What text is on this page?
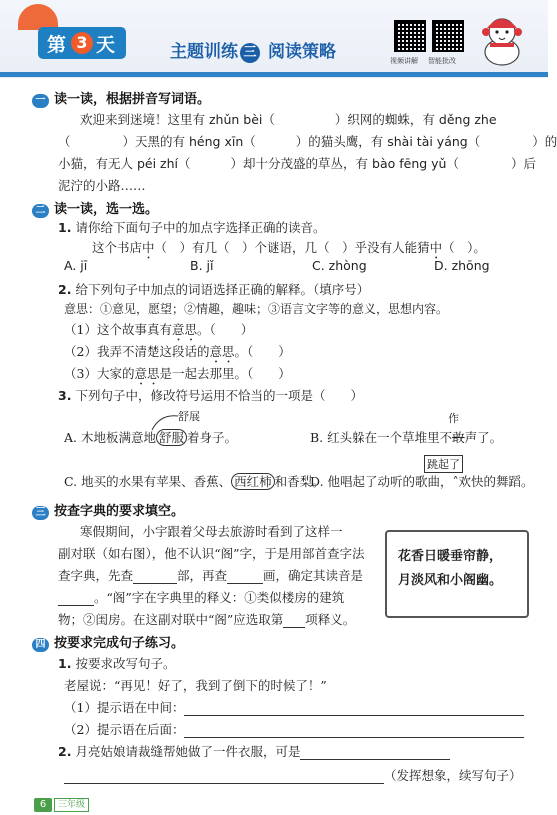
第 3 天	主题训练 三 阅读策略	视频讲解 智能批改
一 读一读，根据拼音写词语。
欢迎来到迷境！这里有 zhǔn bèi（	）织网的蜘蛛，有 děng zhe
（	）天黑的有 héng xīn（	）的猫头鹰，有 shài tài yáng（	）的
小猫，有无人 péi zhí（	）却十分茂盛的草丛，有 bào fēng yǔ（	）后
泥泞的小路……
二 读一读，选一选。
1. 请你给下面句子中的加点字选择正确的读音。
这个书店中（　）有几（　）个谜语，几（　）乎没有人能猜中（　）。
A. jī	B. jǐ	C. zhòng	D. zhōng
2. 给下列句子中加点的词语选择正确的解释。（填序号）
意思：①意见，愿望；②情趣，趣味；③语言文字等的意义，思想内容。
（1）这个故事真有意思。（　　）
（2）我弄不清楚这段话的意思。（　　）
（3）大家的意思是一起去那里。（　　）
3. 下列句子中，修改符号运用不恰当的一项是（　　）
舒展
A. 木地板满意地 舒服 着身子。
作
B. 红头躲在一个草堆里不敢声了。
C. 地买的水果有苹果、香蕉、 西红柿 和香梨。
跳起了
D. 他唱起了动听的歌曲，˄欢快的舞蹈。
三 按查字典的要求填空。
寒假期间，小宇跟着父母去旅游时看到了这样一
副对联（如右图），他不认识“阁”字，于是用部首查字法
查字典，先查	部，再查	画，确定其读音是
。“阁”字在字典里的释义：①类似楼房的建筑
物；②闺房。在这副对联中“阁”应选取第 项释义。
花香日暖垂帘静，
月淡风和小阁幽。
四 按要求完成句子练习。
1. 按要求改写句子。
老屋说：“再见！好了，我到了倒下的时候了！”
（1）提示语在中间：
（2）提示语在后面：
2. 月亮姑娘请裁缝帮她做了一件衣服，可是
（发挥想象，续写句子）
6	三年级
